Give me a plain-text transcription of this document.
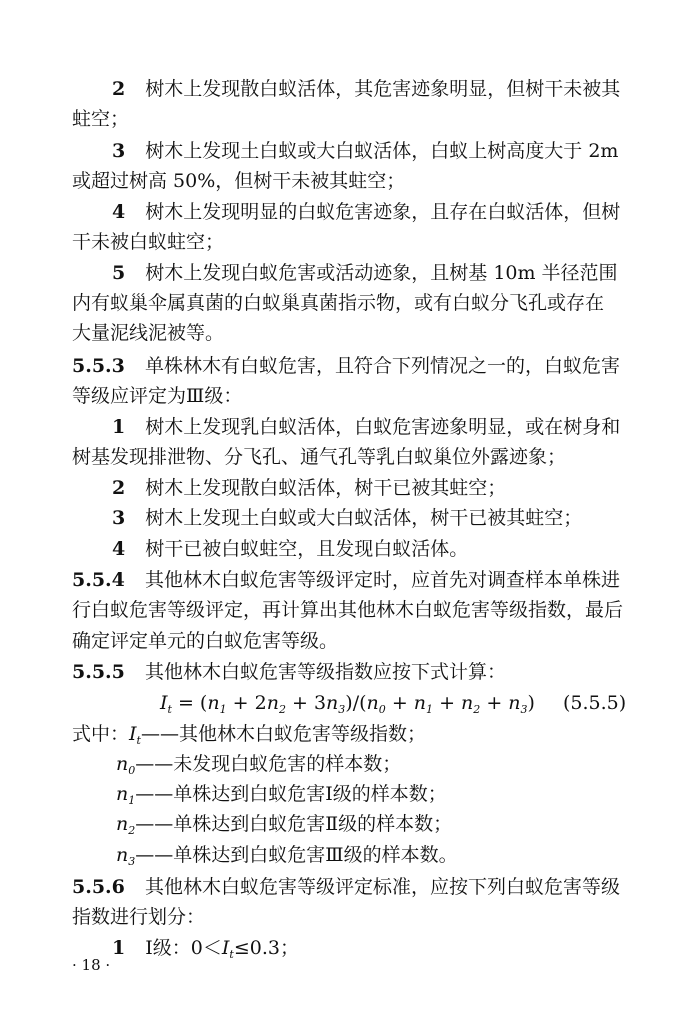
2 树木上发现散白蚁活体，其危害迹象明显，但树干未被其
蛀空；
3 树木上发现土白蚁或大白蚁活体，白蚁上树高度大于 2m
或超过树高 50%，但树干未被其蛀空；
4 树木上发现明显的白蚁危害迹象，且存在白蚁活体，但树
干未被白蚁蛀空；
5 树木上发现白蚁危害或活动迹象，且树基 10m 半径范围
内有蚁巢伞属真菌的白蚁巢真菌指示物，或有白蚁分飞孔或存在
大量泥线泥被等。
5.5.3 单株林木有白蚁危害，且符合下列情况之一的，白蚁危害
等级应评定为Ⅲ级：
1 树木上发现乳白蚁活体，白蚁危害迹象明显，或在树身和
树基发现排泄物、分飞孔、通气孔等乳白蚁巢位外露迹象；
2 树木上发现散白蚁活体，树干已被其蛀空；
3 树木上发现土白蚁或大白蚁活体，树干已被其蛀空；
4 树干已被白蚁蛀空，且发现白蚁活体。
5.5.4 其他林木白蚁危害等级评定时，应首先对调查样本单株进
行白蚁危害等级评定，再计算出其他林木白蚁危害等级指数，最后
确定评定单元的白蚁危害等级。
5.5.5 其他林木白蚁危害等级指数应按下式计算：
$I_t = (n_1 + 2n_2 + 3n_3)/(n_0 + n_1 + n_2 + n_3)$	(5.5.5)
式中：$I_t——$其他林木白蚁危害等级指数；
$n_0——$未发现白蚁危害的样本数；
$n_1——$单株达到白蚁危害Ⅰ级的样本数；
$n_2——$单株达到白蚁危害Ⅱ级的样本数；
$n_3——$单株达到白蚁危害Ⅲ级的样本数。
5.5.6 其他林木白蚁危害等级评定标准，应按下列白蚁危害等级
指数进行划分：
1 Ⅰ级：$0<I_t\le 0.3$；
· 18 ·
